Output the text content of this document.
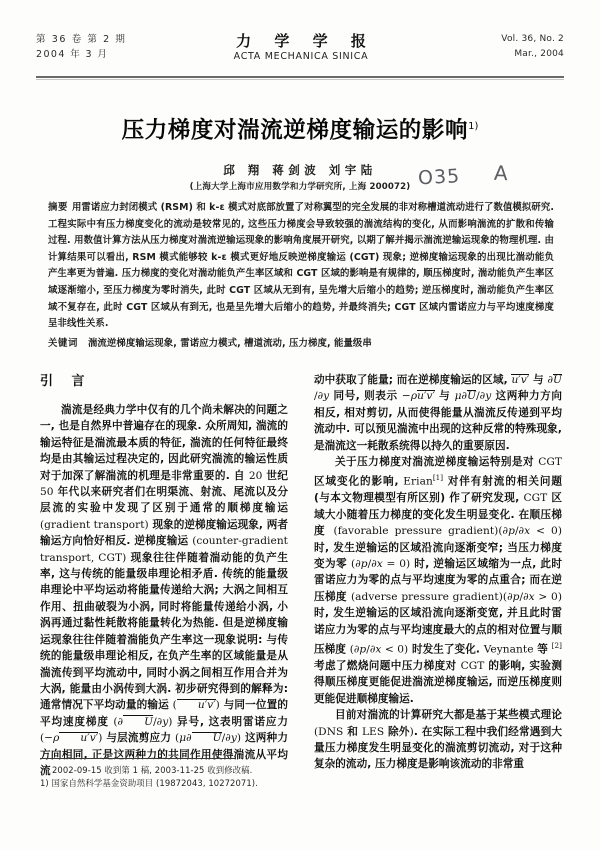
第 36 卷 第 2 期
2004 年 3 月
力 学 学 报
ACTA MECHANICA SINICA
Vol. 36, No. 2
Mar., 2004
压力梯度对湍流逆梯度输运的影响$^{1)}$
邱 翔 蒋剑波 刘宇陆
(上海大学上海市应用数学和力学研究所, 上海 200072) O35 A
摘要 用雷诺应力封闭模式 (RSM) 和 k-ε 模式对底部放置了对称翼型的完全发展的非对称槽道流动进行了数值模拟研究. 工程实际中有压力梯度变化的流动是较常见的, 这些压力梯度会导致较强的湍流结构的变化, 从而影响湍流的扩散和传输过程. 用数值计算方法从压力梯度对湍流逆输运现象的影响角度展开研究, 以期了解并揭示湍流逆输运现象的物理机理. 由计算结果可以看出, RSM 模式能够较 k-ε 模式更好地反映逆梯度输运 (CGT) 现象; 逆梯度输运现象的出现比湍动能负产生率更为普遍. 压力梯度的变化对湍动能负产生率区域和 CGT 区域的影响是有规律的, 顺压梯度时, 湍动能负产生率区域逐渐缩小, 至压力梯度为零时消失, 此时 CGT 区域从无到有, 呈先增大后缩小的趋势; 逆压梯度时, 湍动能负产生率区域不复存在, 此时 CGT 区域从有到无, 也是呈先增大后缩小的趋势, 并最终消失; CGT 区域内雷诺应力与平均速度梯度呈非线性关系.
关键词 湍流逆梯度输运现象, 雷诺应力模式, 槽道流动, 压力梯度, 能量级串
引 言

湍流是经典力学中仅有的几个尚未解决的问题之一, 也是自然界中普遍存在的现象. 众所周知, 湍流的输运特征是湍流最本质的特征, 湍流的任何特征最终均是由其输运过程决定的, 因此研究湍流的输运性质对于加深了解湍流的机理是非常重要的. 自 20 世纪 50 年代以来研究者们在明渠流、射流、尾流以及分层流的实验中发现了区别于通常的顺梯度输运 (gradient transport) 现象的逆梯度输运现象, 两者输运方向恰好相反. 逆梯度输运 (counter-gradient transport, CGT) 现象往往伴随着湍动能的负产生率, 这与传统的能量级串理论相矛盾. 传统的能量级串理论中平均运动将能量传递给大涡; 大涡之间相互作用、扭曲破裂为小涡, 同时将能量传递给小涡, 小涡再通过黏性耗散将能量转化为热能. 但是逆梯度输运现象往往伴随着湍能负产生率这一现象说明: 与传统的能量级串理论相反, 在负产生率的区域能量是从湍流传到平均流动中, 同时小涡之间相互作用合并为大涡, 能量由小涡传到大涡. 初步研究得到的解释为: 通常情况下平均动量的输运 ( u′v′) 与同一位置的平均速度梯度 (∂ U/∂y) 异号, 这表明雷诺应力 (−ρ u′v′) 与层流剪应力 (μ∂ U/∂y) 这两种力方向相同, 正是这两种力的共同作用使得湍流从平均流

动中获取了能量; 而在逆梯度输运的区域, u′v′ 与 ∂U/∂y 同号, 则表示 −ρu′v′ 与 μ∂U/∂y 这两种力方向相反, 相对剪切, 从而使得能量从湍流反传递到平均流动中. 可以预见湍流中出现的这种反常的特殊现象, 是湍流这一耗散系统得以持久的重要原因.

关于压力梯度对湍流逆梯度输运特别是对 CGT 区域变化的影响, Erian[1] 对伴有射流的相关问题 (与本文物理模型有所区别) 作了研究发现, CGT 区域大小随着压力梯度的变化发生明显变化. 在顺压梯度 (favorable pressure gradient)(∂p/∂x < 0) 时, 发生逆输运的区域沿流向逐渐变窄; 当压力梯度变为零 (∂p/∂x = 0) 时, 逆输运区域缩为一点, 此时雷诺应力为零的点与平均速度为零的点重合; 而在逆压梯度 (adverse pressure gradient)(∂p/∂x > 0) 时, 发生逆输运的区域沿流向逐渐变宽, 并且此时雷诺应力为零的点与平均速度最大的点的相对位置与顺压梯度 (∂p/∂x < 0) 时发生了变化. Veynante 等 [2] 考虑了燃烧问题中压力梯度对 CGT 的影响, 实验测得顺压梯度更能促进湍流逆梯度输运, 而逆压梯度则更能促进顺梯度输运.

目前对湍流的计算研究大都是基于某些模式理论 (DNS 和 LES 除外). 在实际工程中我们经常遇到大量压力梯度发生明显变化的湍流剪切流动, 对于这种复杂的流动, 压力梯度是影响该流动的非常重

2002-09-15 收到第 1 稿, 2003-11-25 收到修改稿.
1) 国家自然科学基金资助项目 (19872043, 10272071).
